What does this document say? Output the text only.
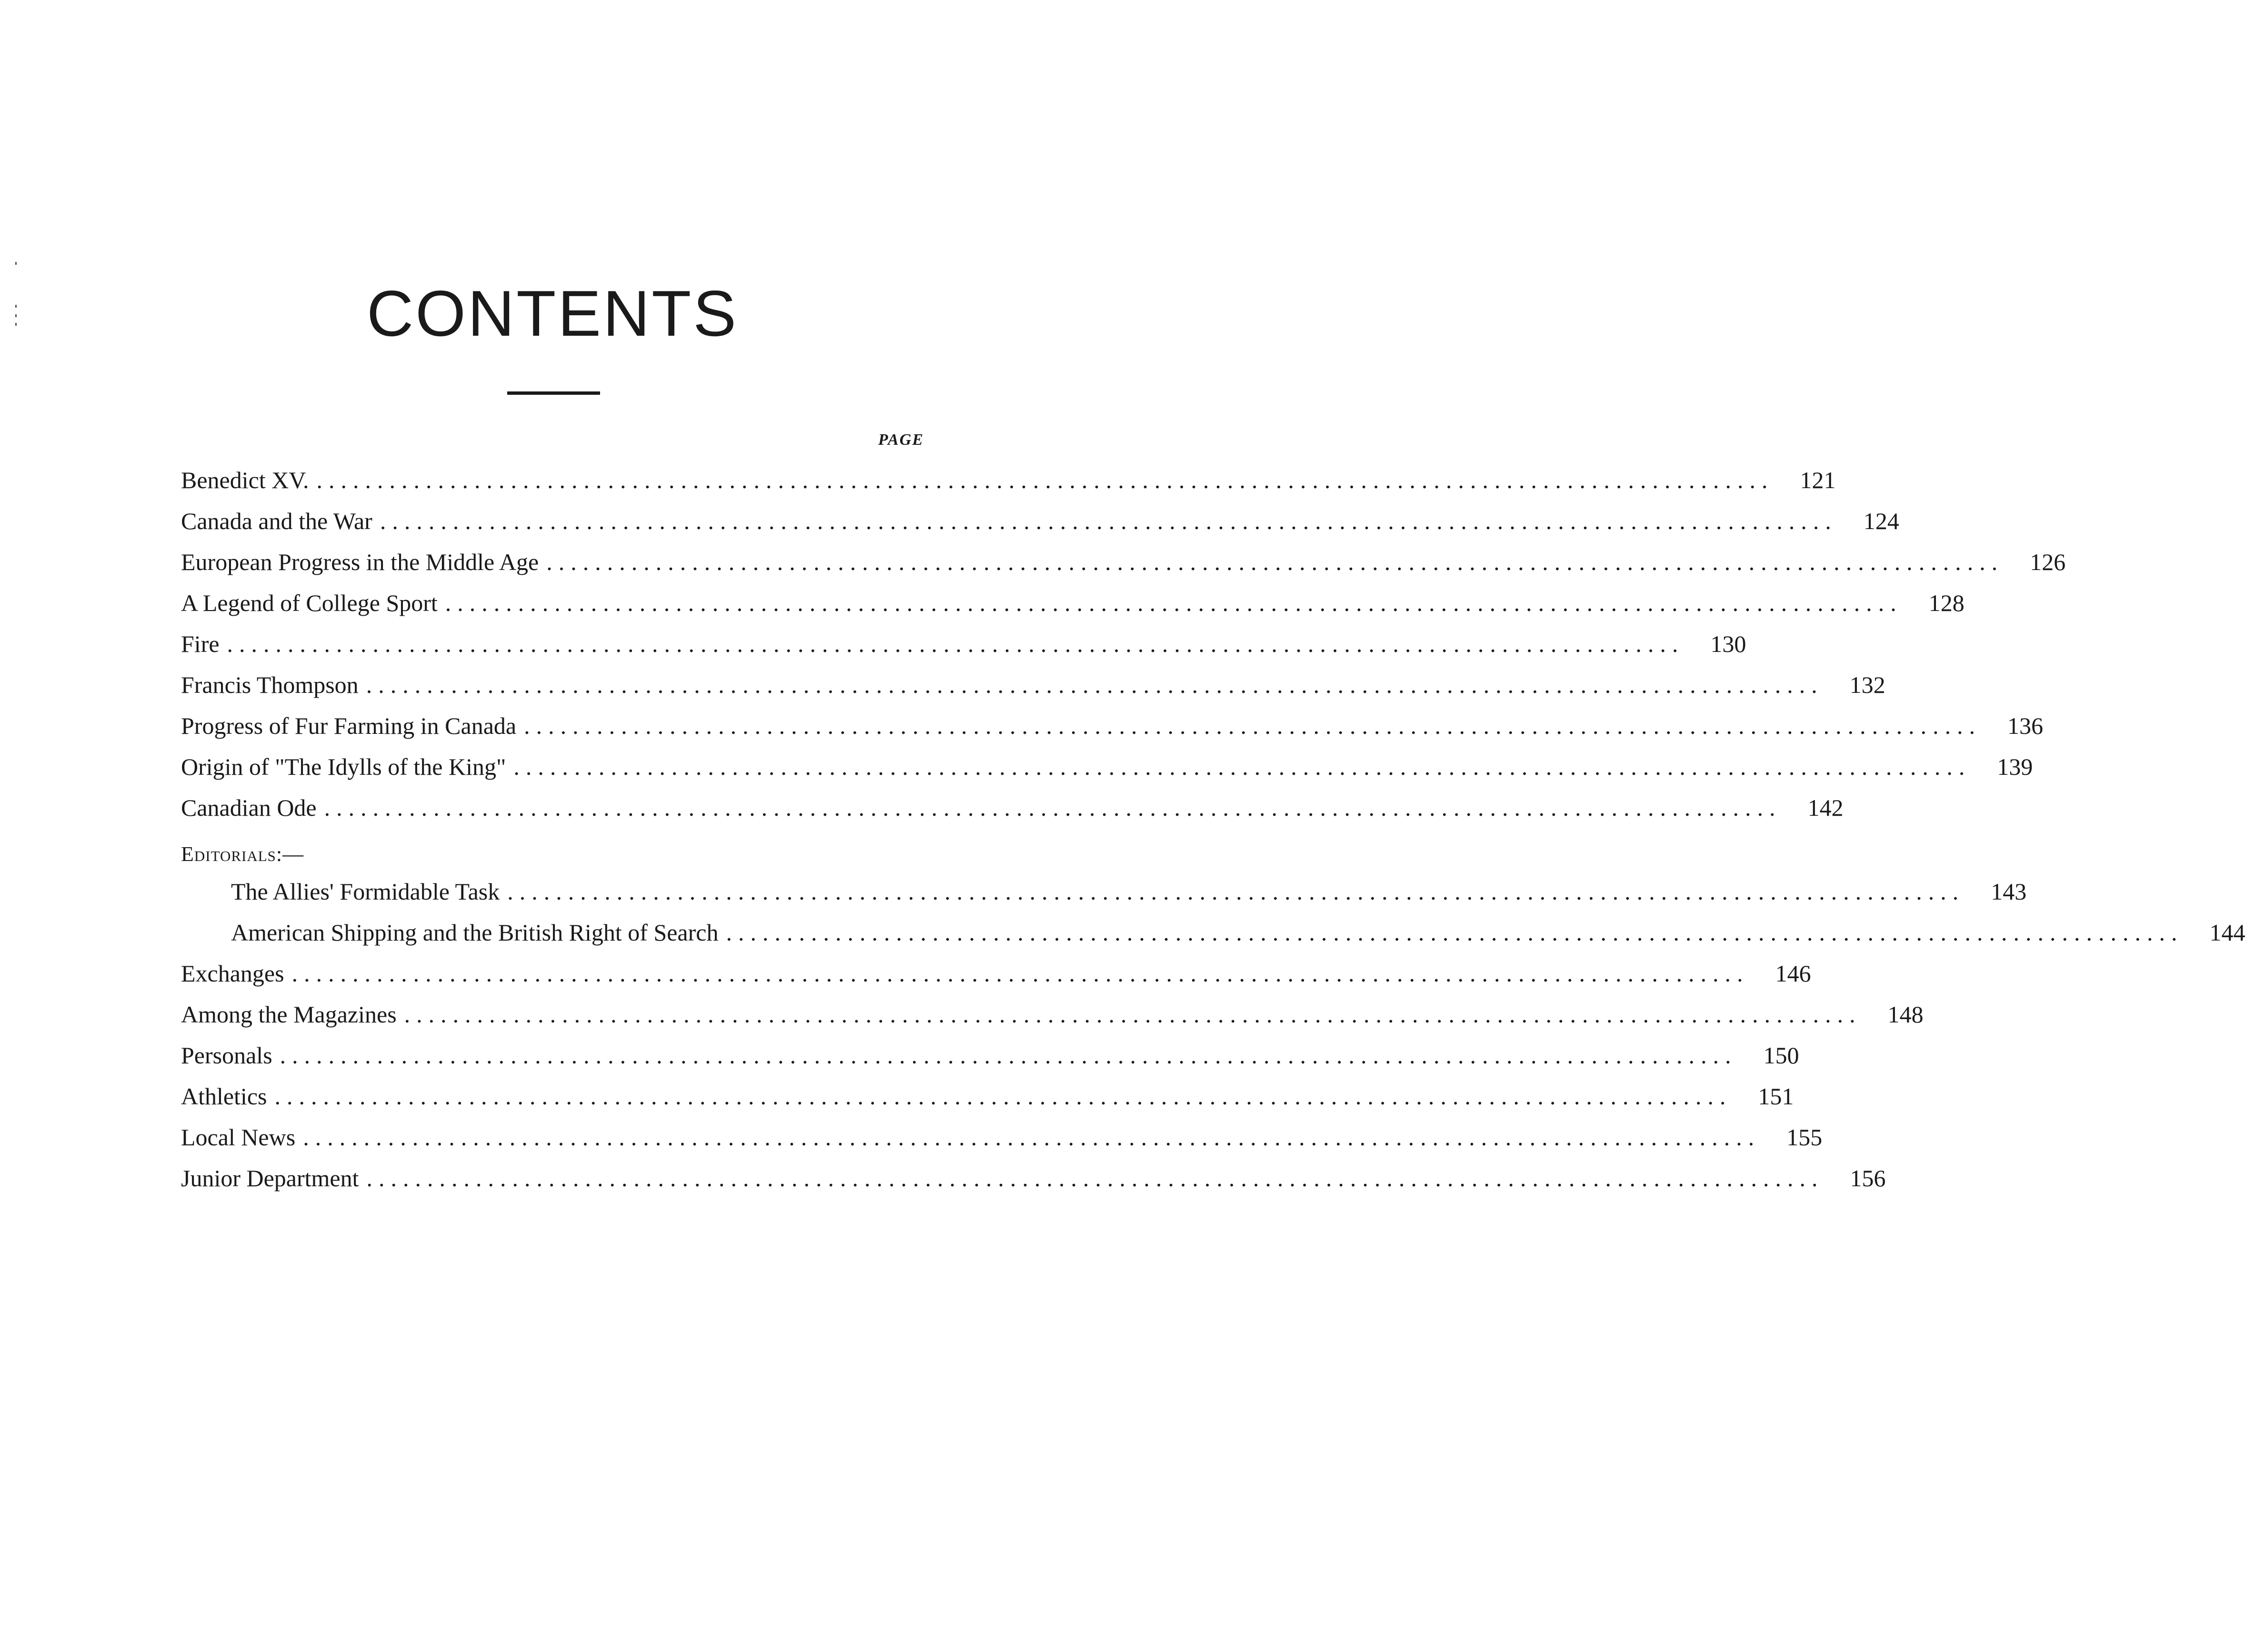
CONTENTS
PAGE
Benedict XV. ........................................................................................................................	121
Canada and the War ........................................................................................................................	124
European Progress in the Middle Age ........................................................................................................................	126
A Legend of College Sport ........................................................................................................................	128
Fire ........................................................................................................................	130
Francis Thompson ........................................................................................................................	132
Progress of Fur Farming in Canada ........................................................................................................................	136
Origin of "The Idylls of the King" ........................................................................................................................	139
Canadian Ode ........................................................................................................................	142
Editorials:—
The Allies' Formidable Task ........................................................................................................................	143
American Shipping and the British Right of Search ........................................................................................................................	144
Exchanges ........................................................................................................................	146
Among the Magazines ........................................................................................................................	148
Personals ........................................................................................................................	150
Athletics ........................................................................................................................	151
Local News ........................................................................................................................	155
Junior Department ........................................................................................................................	156
